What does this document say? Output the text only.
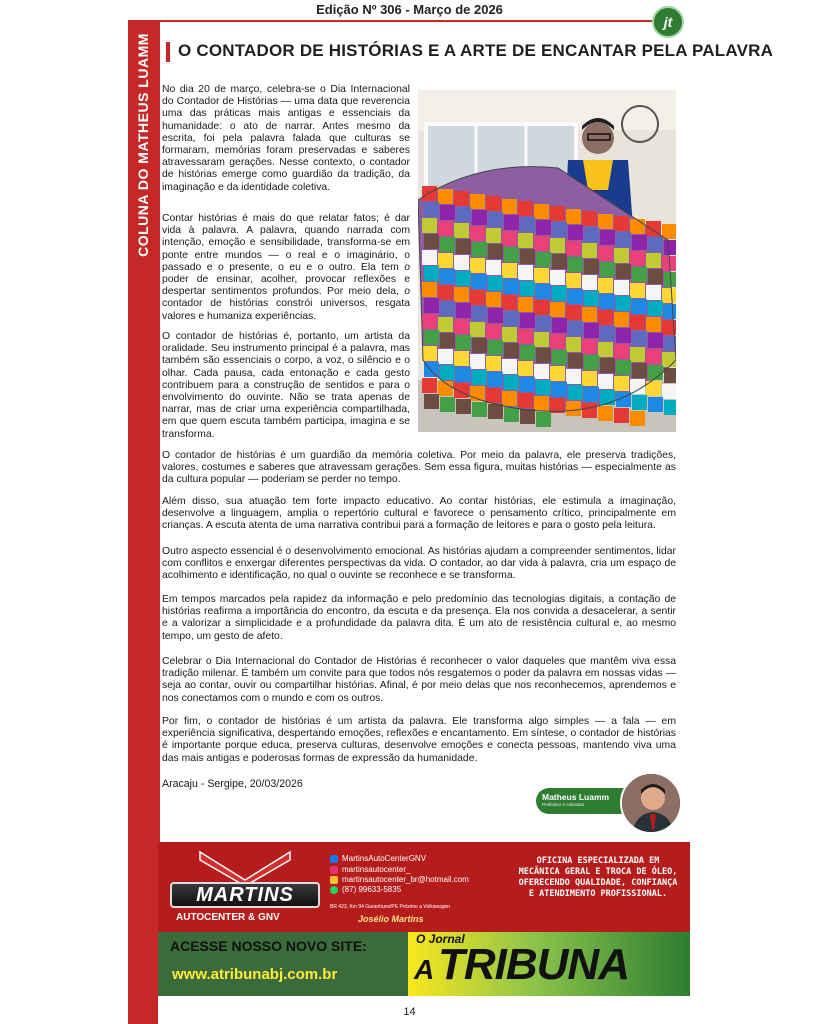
Edição Nº 306 - Março de 2026
jt
COLUNA DO MATHEUS LUAMM O CONTADOR DE HISTÓRIAS E A ARTE DE ENCANTAR PELA PALAVRA

No dia 20 de março, celebra-se o Dia Internacional do Contador de Histórias — uma data que reverencia uma das práticas mais antigas e essenciais da humanidade: o ato de narrar. Antes mesmo da escrita, foi pela palavra falada que culturas se formaram, memórias foram preservadas e saberes atravessaram gerações. Nesse contexto, o contador de histórias emerge como guardião da tradição, da imaginação e da identidade coletiva.

Contar histórias é mais do que relatar fatos; é dar vida à palavra. A palavra, quando narrada com intenção, emoção e sensibilidade, transforma-se em ponte entre mundos — o real e o imaginário, o passado e o presente, o eu e o outro. Ela tem o poder de ensinar, acolher, provocar reflexões e despertar sentimentos profundos. Por meio dela, o contador de histórias constrói universos, resgata valores e humaniza experiências.

O contador de histórias é, portanto, um artista da oralidade. Seu instrumento principal é a palavra, mas também são essenciais o corpo, a voz, o silêncio e o olhar. Cada pausa, cada entonação e cada gesto contribuem para a construção de sentidos e para o envolvimento do ouvinte. Não se trata apenas de narrar, mas de criar uma experiência compartilhada, em que quem escuta também participa, imagina e se transforma.

O contador de histórias é um guardião da memória coletiva. Por meio da palavra, ele preserva tradições, valores, costumes e saberes que atravessam gerações. Sem essa figura, muitas histórias — especialmente as da cultura popular — poderiam se perder no tempo.

Além disso, sua atuação tem forte impacto educativo. Ao contar histórias, ele estimula a imaginação, desenvolve a linguagem, amplia o repertório cultural e favorece o pensamento crítico, principalmente em crianças. A escuta atenta de uma narrativa contribui para a formação de leitores e para o gosto pela leitura.

Outro aspecto essencial é o desenvolvimento emocional. As histórias ajudam a compreender sentimentos, lidar com conflitos e enxergar diferentes perspectivas da vida. O contador, ao dar vida à palavra, cria um espaço de acolhimento e identificação, no qual o ouvinte se reconhece e se transforma.

Em tempos marcados pela rapidez da informação e pelo predomínio das tecnologias digitais, a contação de histórias reafirma a importância do encontro, da escuta e da presença. Ela nos convida a desacelerar, a sentir e a valorizar a simplicidade e a profundidade da palavra dita. É um ato de resistência cultural e, ao mesmo tempo, um gesto de afeto.

Celebrar o Dia Internacional do Contador de Histórias é reconhecer o valor daqueles que mantêm viva essa tradição milenar. É também um convite para que todos nós resgatemos o poder da palavra em nossas vidas — seja ao contar, ouvir ou compartilhar histórias. Afinal, é por meio delas que nos reconhecemos, aprendemos e nos conectamos com o mundo e com os outros.

Por fim, o contador de histórias é um artista da palavra. Ele transforma algo simples — a fala — em experiência significativa, despertando emoções, reflexões e encantamento. Em síntese, o contador de histórias é importante porque educa, preserva culturas, desenvolve emoções e conecta pessoas, mantendo viva uma das mais antigas e poderosas formas de expressão da humanidade.

Aracaju - Sergipe, 20/03/2026
Matheus Luamm
Professor e colunista
MARTINS
AUTOCENTER & GNV
MartinsAutoCenterGNV
martinsautocenter_
martinsautocenter_br@hotmail.com
(87) 99633-5835
BR 423, Km 94 Garanhuns/PE Próximo a Volkswagen
Josélio Martins
OFICINA ESPECIALIZADA EM MECÂNICA GERAL E TROCA DE ÓLEO, OFERECENDO QUALIDADE, CONFIANÇA E ATENDIMENTO PROFISSIONAL.
ACESSE NOSSO NOVO SITE:
www.atribunabj.com.br
O Jornal
A TRIBUNA
14
